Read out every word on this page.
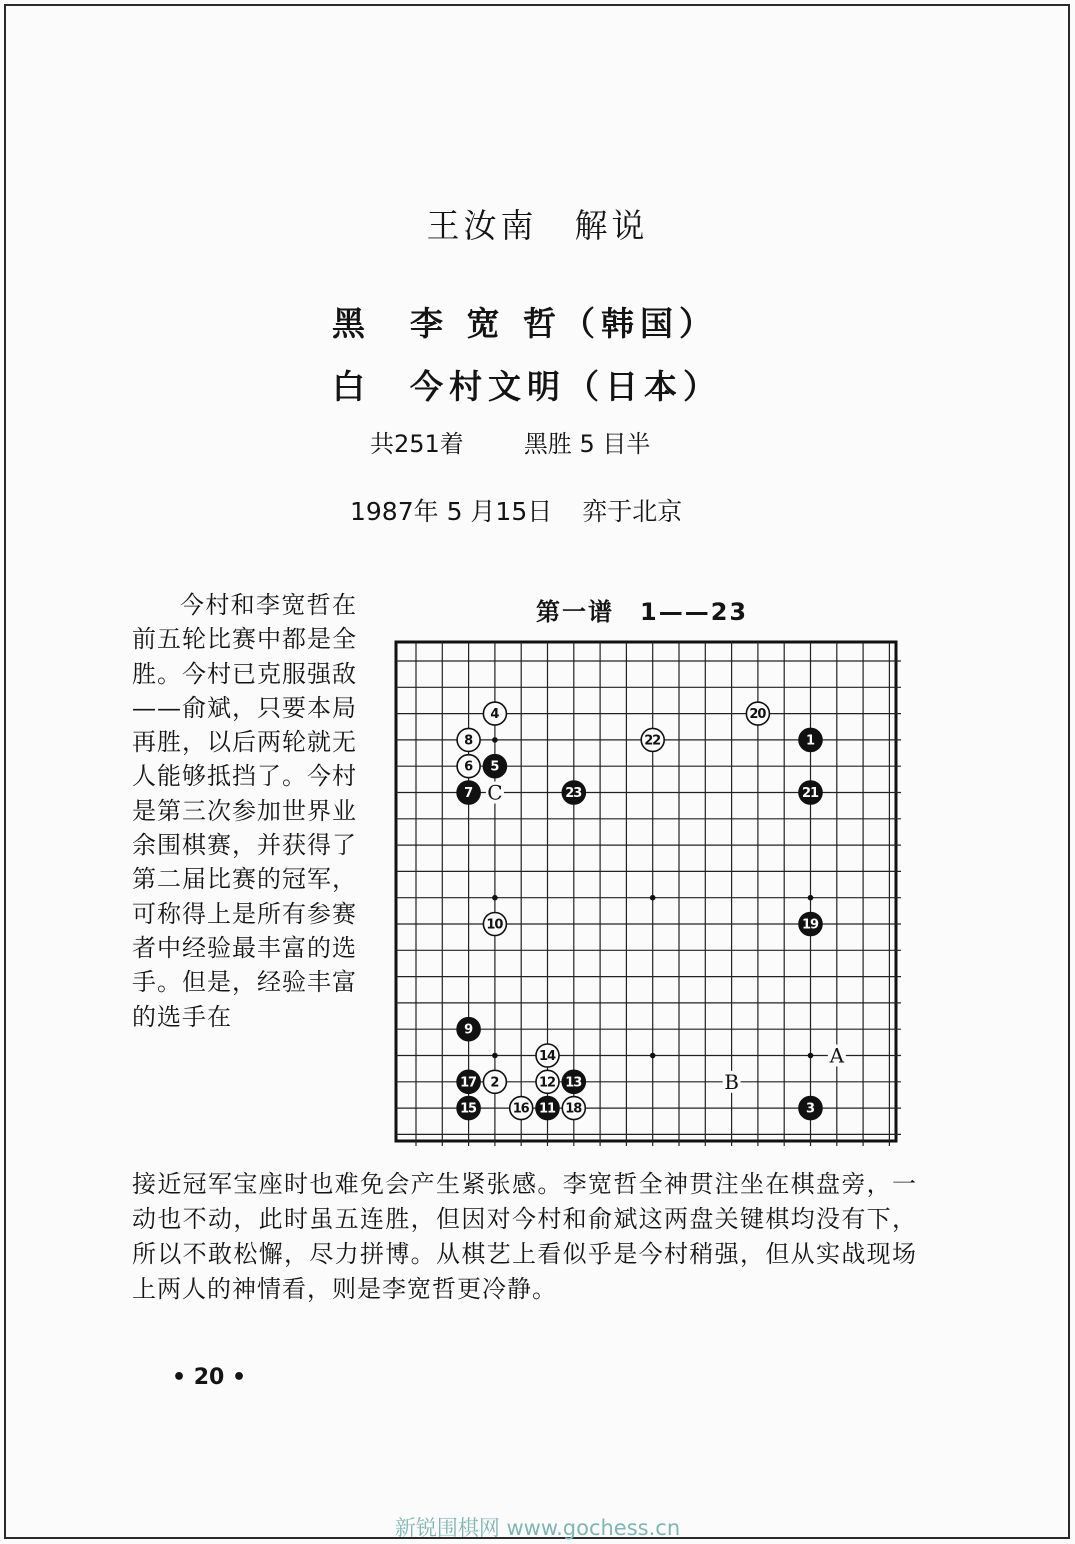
王汝南　解说
黑　李 宽 哲（韩国）
白　今村文明（日本）
共251着	黑胜 5 目半
1987年 5 月15日 弈于北京
今村和李宽哲在前五轮比赛中都是全胜。今村已克服强敌——俞斌，只要本局再胜，以后两轮就无人能够抵挡了。今村是第三次参加世界业余围棋赛，并获得了第二届比赛的冠军，可称得上是所有参赛者中经验最丰富的选手。但是，经验丰富的选手在
第一谱　1——23
A
B
C
1
2
3
4
5
6
7
8
9
10
11
12 13
14
15	16
17
18
19
20
21
22
23
接近冠军宝座时也难免会产生紧张感。李宽哲全神贯注坐在棋盘旁，一动也不动，此时虽五连胜，但因对今村和俞斌这两盘关键棋均没有下，所以不敢松懈，尽力拼博。从棋艺上看似乎是今村稍强，但从实战现场上两人的神情看，则是李宽哲更冷静。
• 20 •
新锐围棋网 www.gochess.cn
